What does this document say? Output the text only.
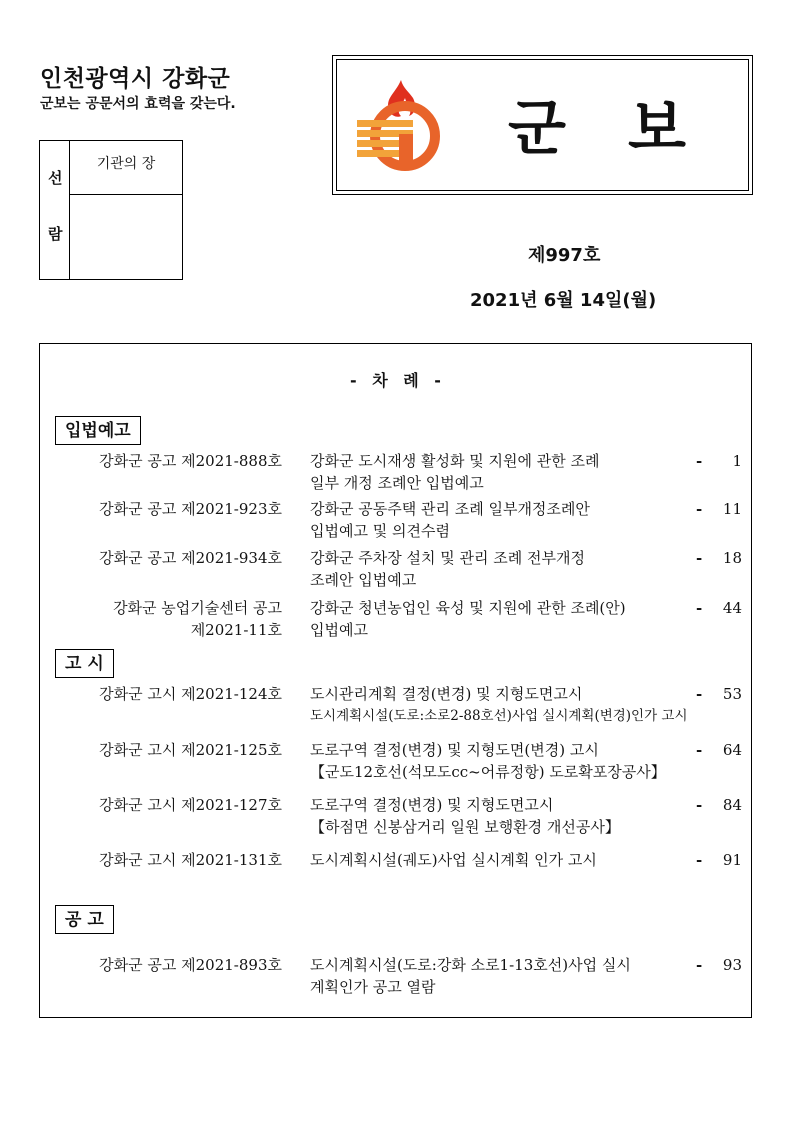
인천광역시 강화군
군보는 공문서의 효력을 갖는다.
선
람
기관의 장	군보
제997호
2021년 6월 14일(월)
- 차 례 -
입법예고
강화군 공고 제2021-888호 강화군 도시재생 활성화 및 지원에 관한 조례
일부 개정 조례안 입법예고
-	1
강화군 공고 제2021-923호 강화군 공동주택 관리 조례 일부개정조례안
입법예고 및 의견수렴
-	11
강화군 공고 제2021-934호 강화군 주차장 설치 및 관리 조례 전부개정
조례안 입법예고
-	18
강화군 농업기술센터 공고
제2021-11호
강화군 청년농업인 육성 및 지원에 관한 조례(안)
입법예고
-	44
고 시
강화군 고시 제2021-124호 도시관리계획 결정(변경) 및 지형도면고시
도시계획시설(도로:소로2-88호선)사업 실시계획(변경)인가 고시
-	53
강화군 고시 제2021-125호 도로구역 결정(변경) 및 지형도면(변경) 고시
【군도12호선(석모도cc~어류정항) 도로확포장공사】
-	64
강화군 고시 제2021-127호 도로구역 결정(변경) 및 지형도면고시
【하점면 신봉삼거리 일원 보행환경 개선공사】
-	84
강화군 고시 제2021-131호 도시계획시설(궤도)사업 실시계획 인가 고시	-	91
공 고
강화군 공고 제2021-893호 도시계획시설(도로:강화 소로1-13호선)사업 실시
계획인가 공고 열람
-	93
